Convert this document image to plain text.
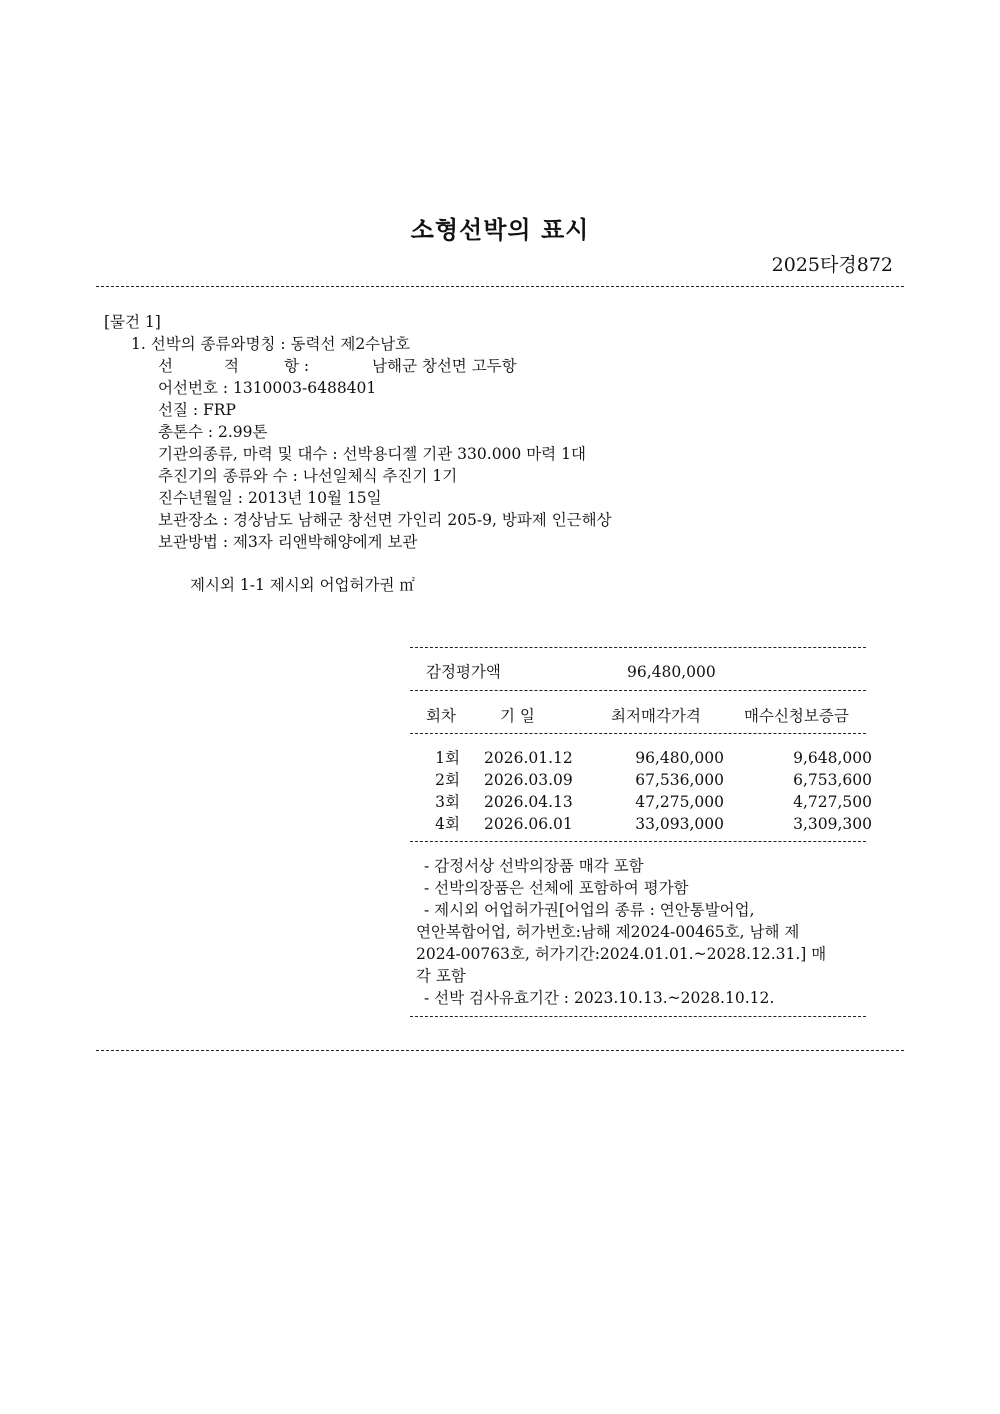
소형선박의 표시
2025타경872
[물건 1]
1. 선박의 종류와명칭 : 동력선 제2수남호
선	적	항 :	남해군 창선면 고두항
어선번호 : 1310003-6488401
선질 : FRP
총톤수 : 2.99톤
기관의종류, 마력 및 대수 : 선박용디젤 기관 330.000 마력 1대
추진기의 종류와 수 : 나선일체식 추진기 1기
진수년월일 : 2013년 10월 15일
보관장소 : 경상남도 남해군 창선면 가인리 205-9, 방파제 인근해상
보관방법 : 제3자 리앤박해양에게 보관
제시외 1-1 제시외 어업허가권 ㎡
감정평가액	96,480,000
회차	기 일	최저매각가격	매수신청보증금
1회 2026.01.12	96,480,000	9,648,000
2회 2026.03.09	67,536,000	6,753,600
3회 2026.04.13	47,275,000	4,727,500
4회 2026.06.01	33,093,000	3,309,300
- 감정서상 선박의장품 매각 포함
- 선박의장품은 선체에 포함하여 평가함
- 제시외 어업허가권[어업의 종류 : 연안통발어업,
연안복합어업, 허가번호:남해 제2024-00465호, 남해 제
2024-00763호, 허가기간:2024.01.01.~2028.12.31.] 매
각 포함
- 선박 검사유효기간 : 2023.10.13.~2028.10.12.
